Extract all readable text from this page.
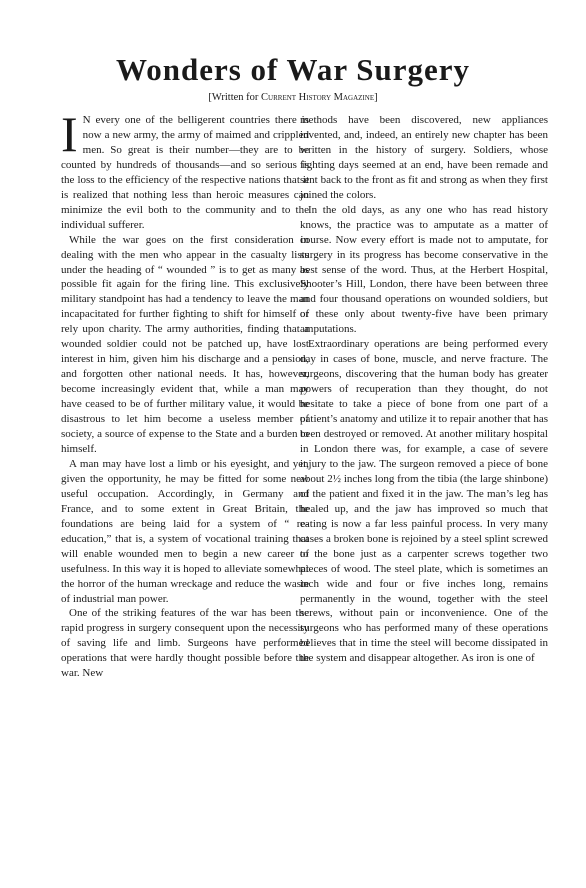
Wonders of War Surgery
[Written for Current History Magazine]

I N every one of the belligerent countries there is now a new army, the army of maimed and crippled men. So great is their number—they are to be counted by hundreds of thousands—and so serious is the loss to the efficiency of the respective nations that it is realized that nothing less than heroic measures can minimize the evil both to the community and to the individual sufferer.

While the war goes on the first consideration in dealing with the men who appear in the casualty lists under the heading of “ wounded ” is to get as many as possible fit again for the firing line. This exclusively military standpoint has had a tendency to leave the man incapacitated for further fighting to shift for himself or rely upon charity. The army authorities, finding that a wounded soldier could not be patched up, have lost interest in him, given him his discharge and a pension, and forgotten other national needs. It has, however, become increasingly evident that, while a man may have ceased to be of further military value, it would be disastrous to let him become a useless member of society, a source of expense to the State and a burden to himself.

A man may have lost a limb or his eyesight, and yet, given the opportunity, he may be fitted for some new useful occupation. Accordingly, in Germany and France, and to some extent in Great Britain, the foundations are being laid for a system of “ re-education,” that is, a system of vocational training that will enable wounded men to begin a new career of usefulness. In this way it is hoped to alleviate somewhat the horror of the human wreckage and reduce the waste of industrial man power.

One of the striking features of the war has been the rapid progress in surgery consequent upon the necessity of saving life and limb. Surgeons have performed operations that were hardly thought possible before the war. New

methods have been discovered, new appliances invented, and, indeed, an entirely new chapter has been written in the history of surgery. Soldiers, whose fighting days seemed at an end, have been remade and sent back to the front as fit and strong as when they first joined the colors.

In the old days, as any one who has read history knows, the practice was to amputate as a matter of course. Now every effort is made not to amputate, for surgery in its progress has become conservative in the best sense of the word. Thus, at the Herbert Hospital, Shooter’s Hill, London, there have been between three and four thousand operations on wounded soldiers, but of these only about twenty-five have been primary amputations.

Extraordinary operations are being performed every day in cases of bone, muscle, and nerve fracture. The surgeons, discovering that the human body has greater powers of recuperation than they thought, do not hesitate to take a piece of bone from one part of a patient’s anatomy and utilize it to repair another that has been destroyed or removed. At another military hospital in London there was, for example, a case of severe injury to the jaw. The surgeon removed a piece of bone about 2½ inches long from the tibia (the large shinbone) of the patient and fixed it in the jaw. The man’s leg has healed up, and the jaw has improved so much that eating is now a far less painful process. In very many cases a broken bone is rejoined by a steel splint screwed to the bone just as a carpenter screws together two pieces of wood. The steel plate, which is sometimes an inch wide and four or five inches long, remains permanently in the wound, together with the steel screws, without pain or inconvenience. One of the surgeons who has performed many of these operations believes that in time the steel will become dissipated in the system and disappear altogether. As iron is one of
